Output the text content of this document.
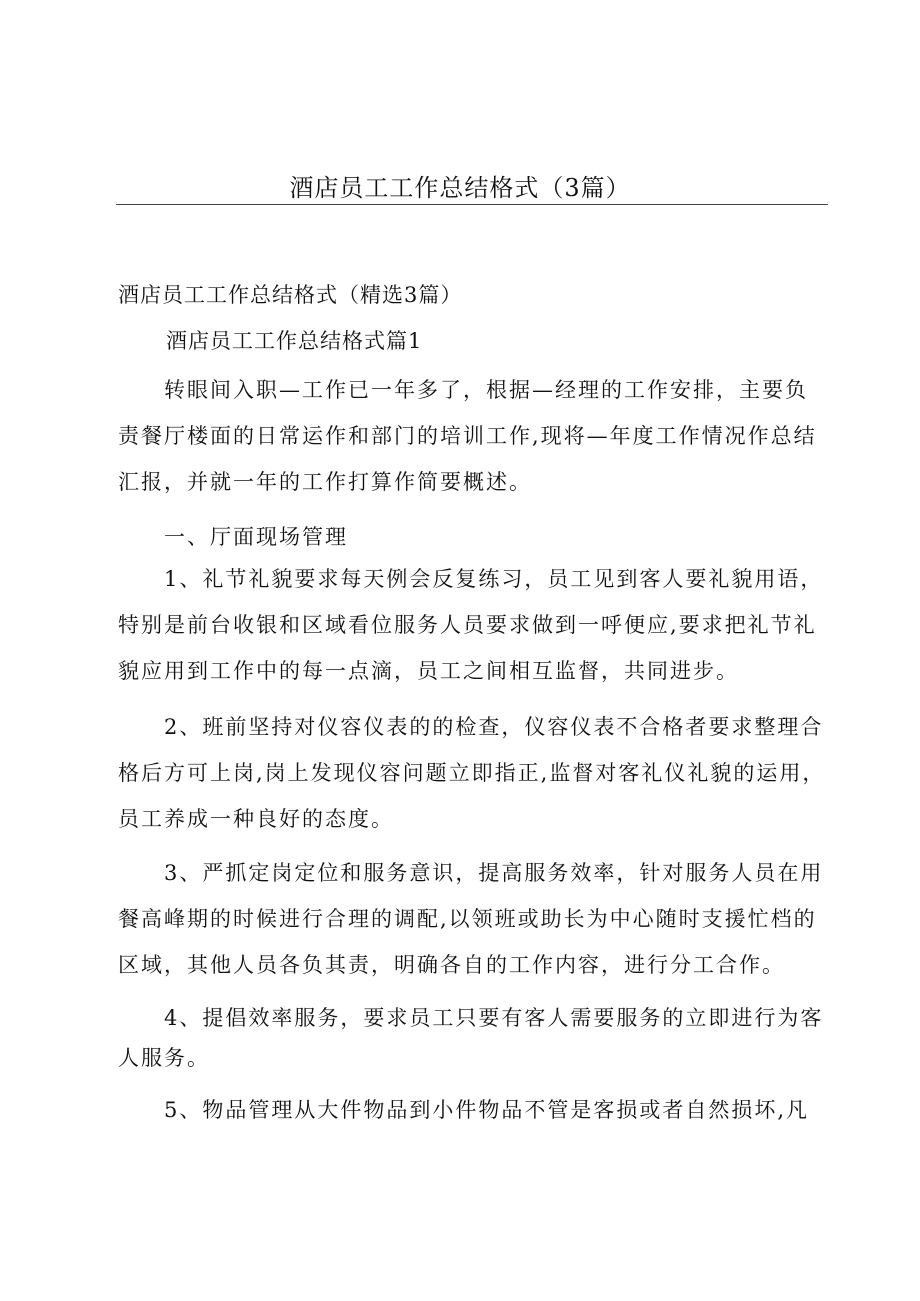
酒店员工工作总结格式（3篇）

酒店员工工作总结格式（精选3篇）

酒店员工工作总结格式篇1

转眼间入职—工作已一年多了，根据—经理的工作安排，主要负责餐厅楼面的日常运作和部门的培训工作,现将—年度工作情况作总结汇报，并就一年的工作打算作简要概述。

一、厅面现场管理

1、礼节礼貌要求每天例会反复练习，员工见到客人要礼貌用语，特别是前台收银和区域看位服务人员要求做到一呼便应,要求把礼节礼貌应用到工作中的每一点滴，员工之间相互监督，共同进步。

2、班前坚持对仪容仪表的的检查，仪容仪表不合格者要求整理合格后方可上岗,岗上发现仪容问题立即指正,监督对客礼仪礼貌的运用，员工养成一种良好的态度。

3、严抓定岗定位和服务意识，提高服务效率，针对服务人员在用餐高峰期的时候进行合理的调配,以领班或助长为中心随时支援忙档的区域，其他人员各负其责，明确各自的工作内容，进行分工合作。

4、提倡效率服务，要求员工只要有客人需要服务的立即进行为客人服务。

5、物品管理从大件物品到小件物品不管是客损或者自然损坏,凡
